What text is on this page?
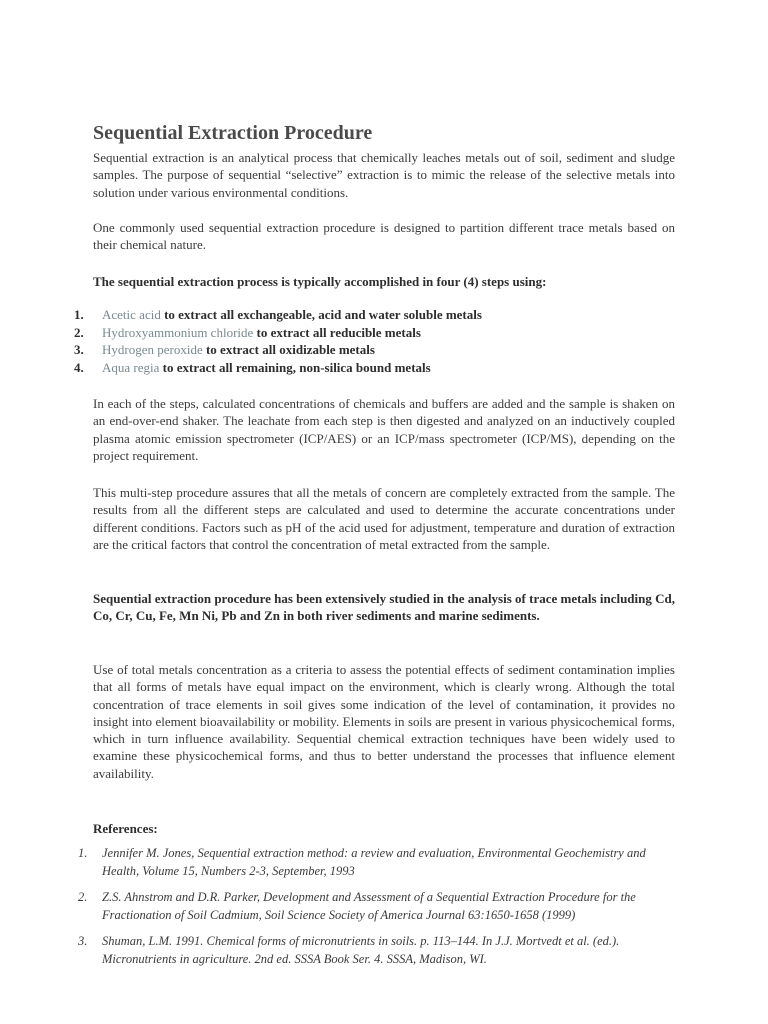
Sequential Extraction Procedure

Sequential extraction is an analytical process that chemically leaches metals out of soil, sediment and sludge samples. The purpose of sequential “selective” extraction is to mimic the release of the selective metals into solution under various environmental conditions.

One commonly used sequential extraction procedure is designed to partition different trace metals based on their chemical nature.

The sequential extraction process is typically accomplished in four (4) steps using:

1.	Acetic acid to extract all exchangeable, acid and water soluble metals
2.	Hydroxyammonium chloride to extract all reducible metals
3.	Hydrogen peroxide to extract all oxidizable metals
4.	Aqua regia to extract all remaining, non-silica bound metals

In each of the steps, calculated concentrations of chemicals and buffers are added and the sample is shaken on an end-over-end shaker. The leachate from each step is then digested and analyzed on an inductively coupled plasma atomic emission spectrometer (ICP/AES) or an ICP/mass spectrometer (ICP/MS), depending on the project requirement.

This multi-step procedure assures that all the metals of concern are completely extracted from the sample. The results from all the different steps are calculated and used to determine the accurate concentrations under different conditions. Factors such as pH of the acid used for adjustment, temperature and duration of extraction are the critical factors that control the concentration of metal extracted from the sample.

Sequential extraction procedure has been extensively studied in the analysis of trace metals including Cd, Co, Cr, Cu, Fe, Mn Ni, Pb and Zn in both river sediments and marine sediments.

Use of total metals concentration as a criteria to assess the potential effects of sediment contamination implies that all forms of metals have equal impact on the environment, which is clearly wrong. Although the total concentration of trace elements in soil gives some indication of the level of contamination, it provides no insight into element bioavailability or mobility. Elements in soils are present in various physicochemical forms, which in turn influence availability. Sequential chemical extraction techniques have been widely used to examine these physicochemical forms, and thus to better understand the processes that influence element availability.

References:

1.	Jennifer M. Jones, Sequential extraction method: a review and evaluation, Environmental Geochemistry and Health, Volume 15, Numbers 2-3, September, 1993
2.	Z.S. Ahnstrom and D.R. Parker, Development and Assessment of a Sequential Extraction Procedure for the Fractionation of Soil Cadmium, Soil Science Society of America Journal 63:1650-1658 (1999)
3.	Shuman, L.M. 1991. Chemical forms of micronutrients in soils. p. 113–144. In J.J. Mortvedt et al. (ed.). Micronutrients in agriculture. 2nd ed. SSSA Book Ser. 4. SSSA, Madison, WI.
